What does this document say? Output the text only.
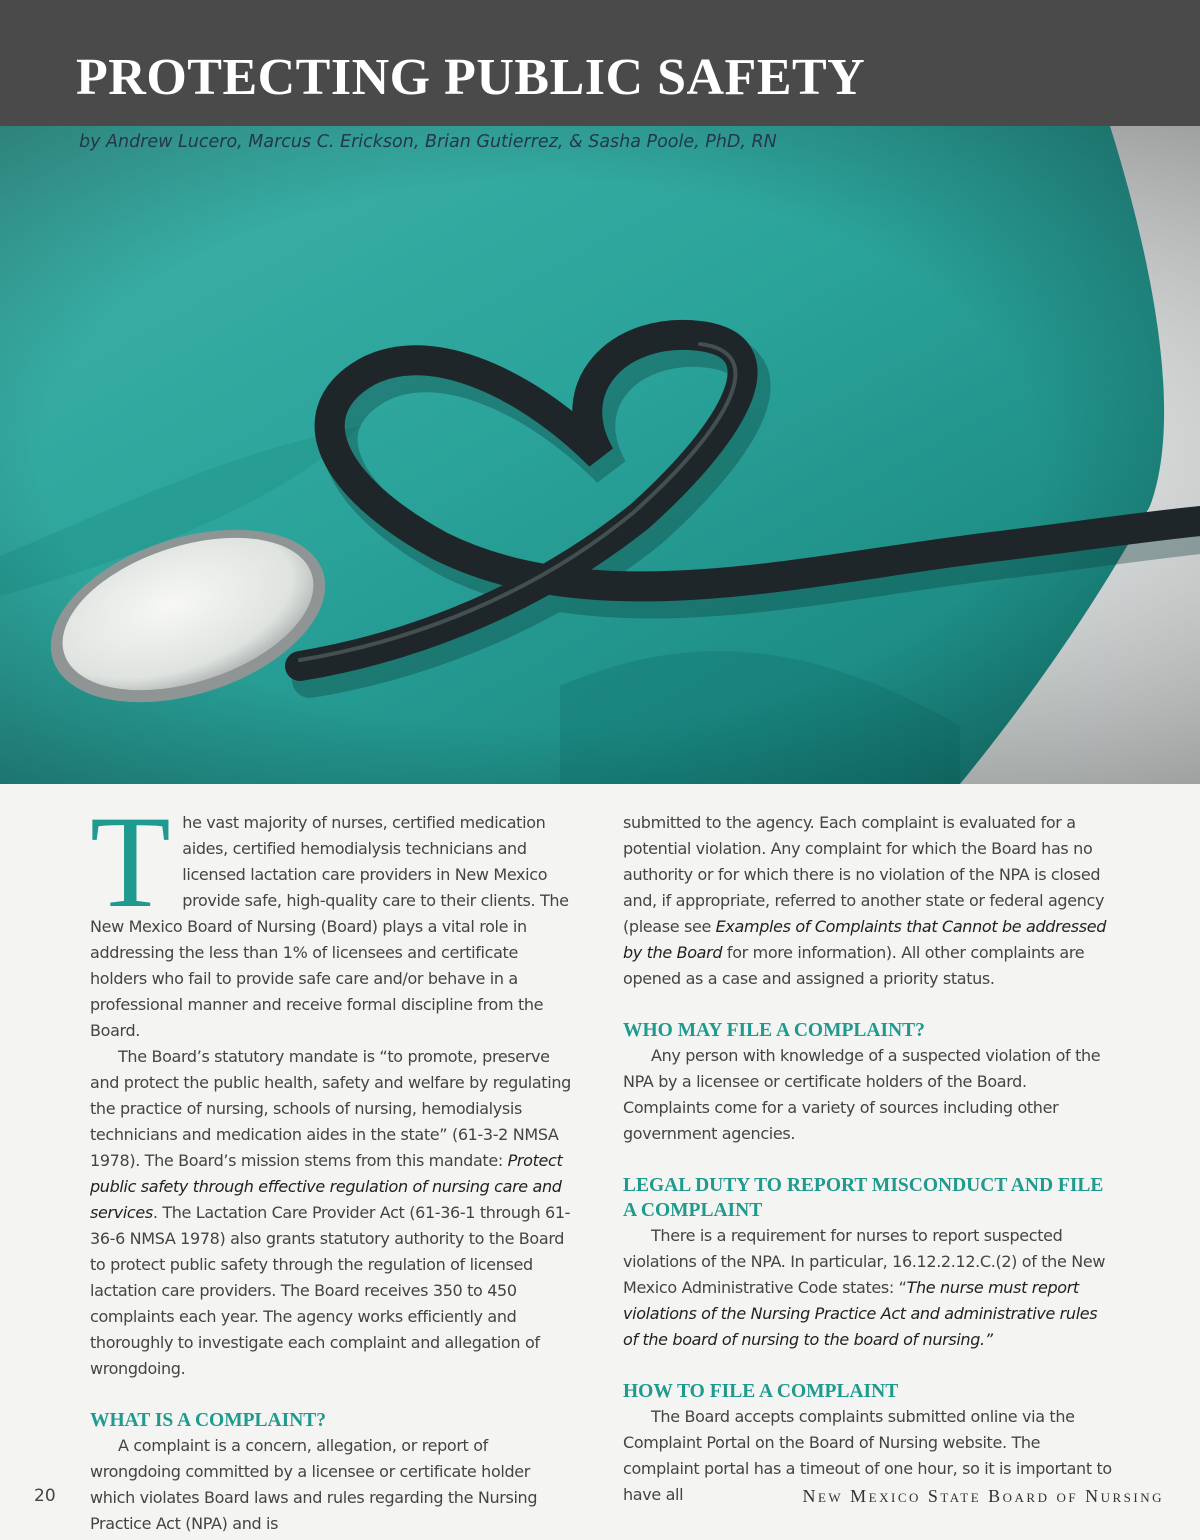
PROTECTING PUBLIC SAFETY
by Andrew Lucero, Marcus C. Erickson, Brian Gutierrez, & Sasha Poole, PhD, RN

The vast majority of nurses, certified medication aides, certified hemodialysis technicians and licensed lactation care providers in New Mexico provide safe, high-quality care to their clients. The New Mexico Board of Nursing (Board) plays a vital role in addressing the less than 1% of licensees and certificate holders who fail to provide safe care and/or behave in a professional manner and receive formal discipline from the Board.

The Board’s statutory mandate is “to promote, preserve and protect the public health, safety and welfare by regulating the practice of nursing, schools of nursing, hemodialysis technicians and medication aides in the state” (61-3-2 NMSA 1978). The Board’s mission stems from this mandate: Protect public safety through effective regulation of nursing care and services. The Lactation Care Provider Act (61-36-1 through 61-36-6 NMSA 1978) also grants statutory authority to the Board to protect public safety through the regulation of licensed lactation care providers. The Board receives 350 to 450 complaints each year. The agency works efficiently and thoroughly to investigate each complaint and allegation of wrongdoing.

WHAT IS A COMPLAINT?

A complaint is a concern, allegation, or report of wrongdoing committed by a licensee or certificate holder which violates Board laws and rules regarding the Nursing Practice Act (NPA) and is

submitted to the agency. Each complaint is evaluated for a potential violation. Any complaint for which the Board has no authority or for which there is no violation of the NPA is closed and, if appropriate, referred to another state or federal agency (please see Examples of Complaints that Cannot be addressed by the Board for more information). All other complaints are opened as a case and assigned a priority status.

WHO MAY FILE A COMPLAINT?

Any person with knowledge of a suspected violation of the NPA by a licensee or certificate holders of the Board. Complaints come for a variety of sources including other government agencies.

LEGAL DUTY TO REPORT MISCONDUCT AND FILE A COMPLAINT

There is a requirement for nurses to report suspected violations of the NPA. In particular, 16.12.2.12.C.(2) of the New Mexico Administrative Code states: “The nurse must report violations of the Nursing Practice Act and administrative rules of the board of nursing to the board of nursing.”

HOW TO FILE A COMPLAINT

The Board accepts complaints submitted online via the Complaint Portal on the Board of Nursing website. The complaint portal has a timeout of one hour, so it is important to have all

20	New Mexico State Board of Nursing
